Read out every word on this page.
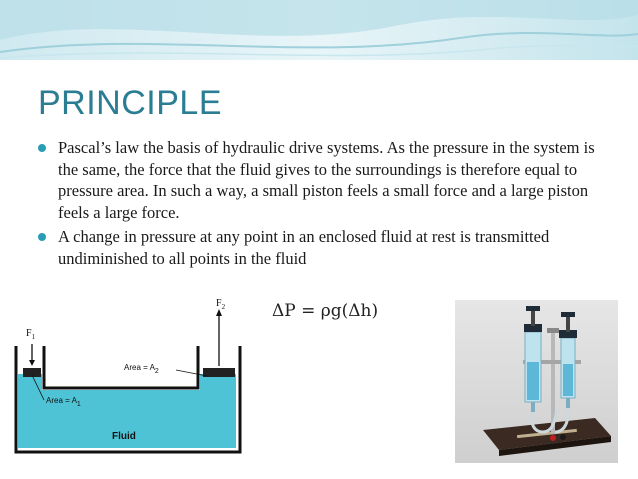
PRINCIPLE
Pascal’s law the basis of hydraulic drive systems. As the pressure in the system is the same, the force that the fluid gives to the surroundings is therefore equal to pressure area. In such a way, a small piston feels a small force and a large piston feels a large force.
A change in pressure at any point in an enclosed fluid at rest is transmitted undiminished to all points in the fluid
ΔP = ρg(Δh)
$F_1$
$F_2$
Area = A1
Area = A2
Fluid
